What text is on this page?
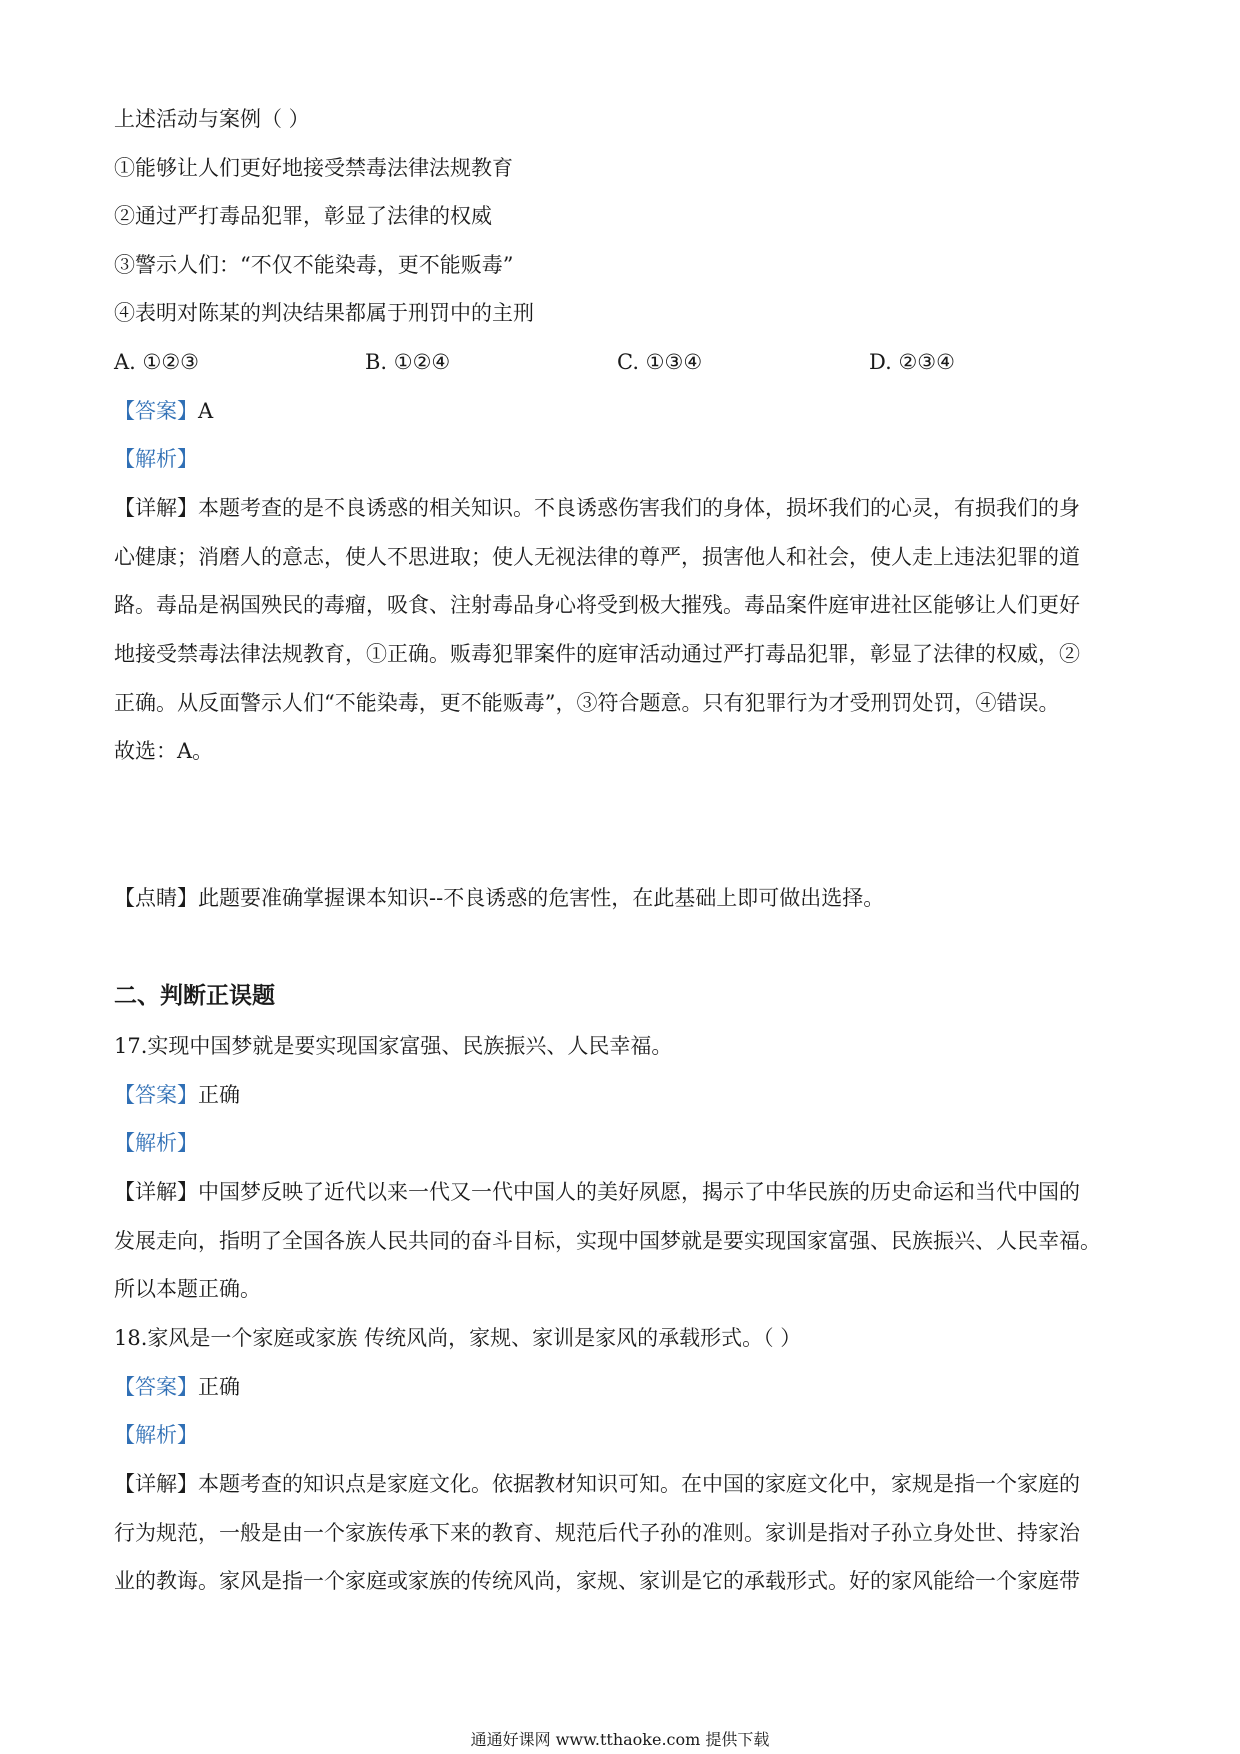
上述活动与案例（ ）
①能够让人们更好地接受禁毒法律法规教育
②通过严打毒品犯罪，彰显了法律的权威
③警示人们：“不仅不能染毒，更不能贩毒”
④表明对陈某的判决结果都属于刑罚中的主刑
A. ①②③	B. ①②④	C. ①③④	D. ②③④
【答案】A
【解析】
【详解】本题考查的是不良诱惑的相关知识。不良诱惑伤害我们的身体，损坏我们的心灵，有损我们的身
心健康；消磨人的意志，使人不思进取；使人无视法律的尊严，损害他人和社会，使人走上违法犯罪的道
路。毒品是祸国殃民的毒瘤，吸食、注射毒品身心将受到极大摧残。毒品案件庭审进社区能够让人们更好
地接受禁毒法律法规教育，①正确。贩毒犯罪案件的庭审活动通过严打毒品犯罪，彰显了法律的权威，②
正确。从反面警示人们“不能染毒，更不能贩毒”，③符合题意。只有犯罪行为才受刑罚处罚，④错误。
故选：A。
【点睛】此题要准确掌握课本知识--不良诱惑的危害性，在此基础上即可做出选择。
二、判断正误题
17.实现中国梦就是要实现国家富强、民族振兴、人民幸福。
【答案】正确
【解析】
【详解】中国梦反映了近代以来一代又一代中国人的美好夙愿，揭示了中华民族的历史命运和当代中国的
发展走向，指明了全国各族人民共同的奋斗目标，实现中国梦就是要实现国家富强、民族振兴、人民幸福。
所以本题正确。
18.家风是一个家庭或家族 传统风尚，家规、家训是家风的承载形式。（ ）
【答案】正确
【解析】
【详解】本题考查的知识点是家庭文化。依据教材知识可知。在中国的家庭文化中，家规是指一个家庭的
行为规范，一般是由一个家族传承下来的教育、规范后代子孙的准则。家训是指对子孙立身处世、持家治
业的教诲。家风是指一个家庭或家族的传统风尚，家规、家训是它的承载形式。好的家风能给一个家庭带
通通好课网 www.tthaoke.com 提供下载
